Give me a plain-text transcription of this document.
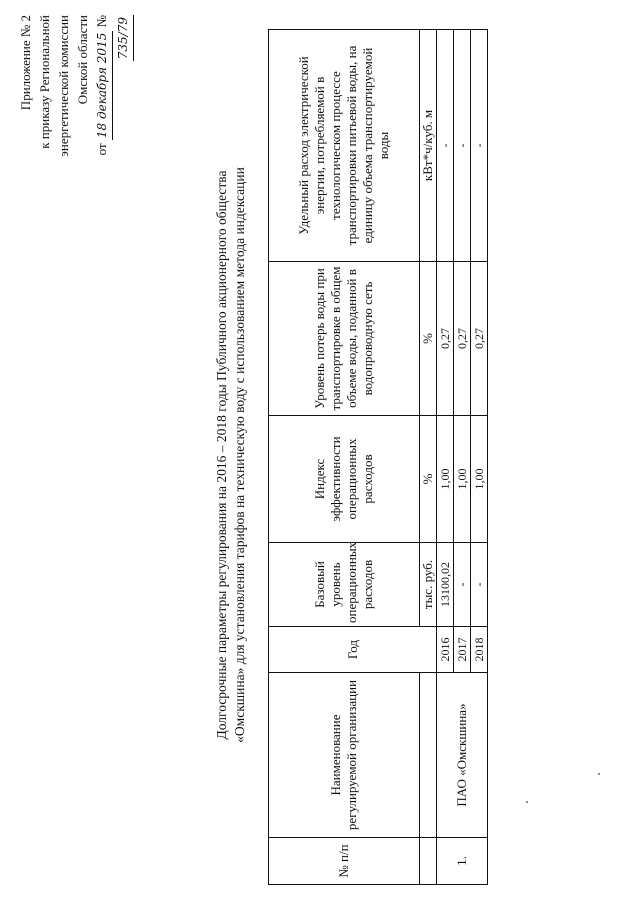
Приложение № 2 к приказу Региональной энергетической комиссии Омской области
от 18 декабря 2015 № 735/79
Долгосрочные параметры регулирования на 2016 – 2018 годы Публичного акционерного общества «Омскшина» для установления тарифов на техническую воду с использованием метода индексации
№ п/п	Наименование регулируемой организации	Год	Базовый уровень операционных расходов	Индекс эффективности операционных расходов	Уровень потерь воды при транспортировке в общем объеме воды, поданной в водопроводную сеть	Удельный расход электрической энергии, потребляемой в технологическом процессе транспортировки питьевой воды, на единицу объема транспортируемой воды
			тыс. руб.	%	%	кВт*ч/куб. м
1.	ПАО «Омскшина»	2016	13100,02	1,00	0,27	-
		2017	-	1,00	0,27	-
		2018	-	1,00	0,27	-
